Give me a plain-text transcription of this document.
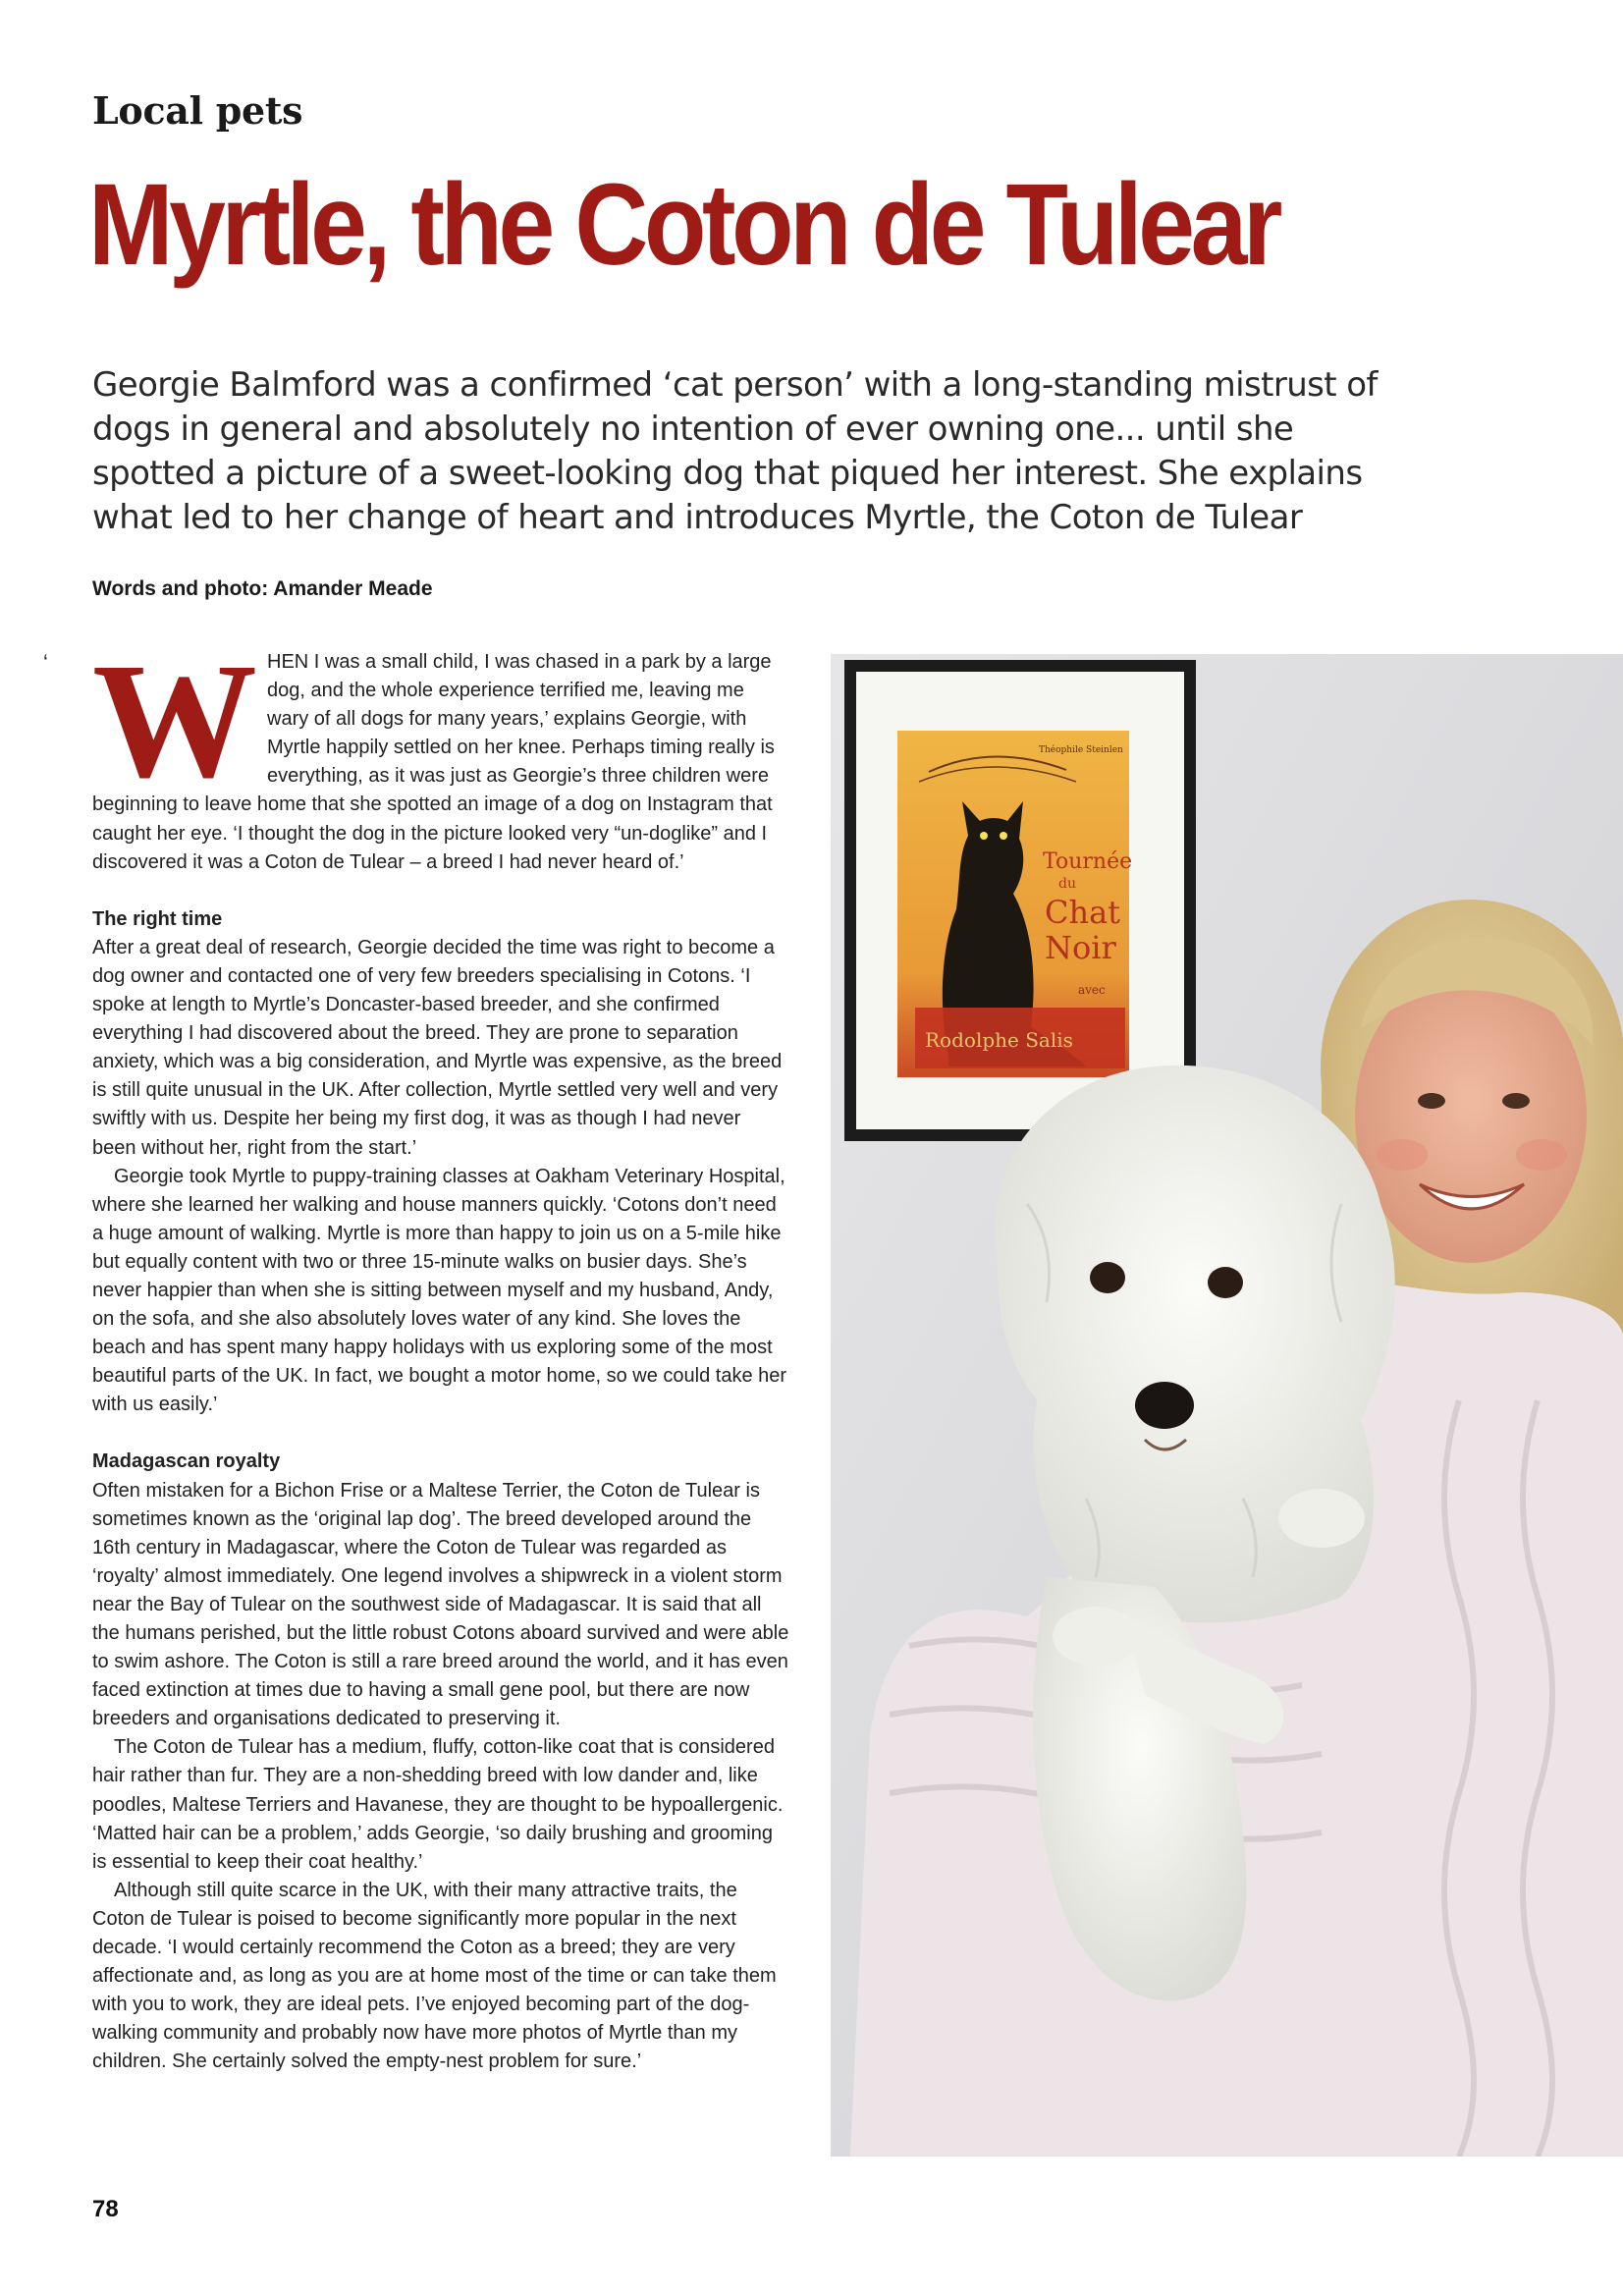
Local pets
Myrtle, the Coton de Tulear

Georgie Balmford was a confirmed ‘cat person’ with a long-standing mistrust of dogs in general and absolutely no intention of ever owning one... until she spotted a picture of a sweet-looking dog that piqued her interest. She explains what led to her change of heart and introduces Myrtle, the Coton de Tulear

Words and photo: Amander Meade

‘ W HEN I was a small child, I was chased in a park by a large dog, and the whole experience terrified me, leaving me wary of all dogs for many years,’ explains Georgie, with Myrtle happily settled on her knee. Perhaps timing really is everything, as it was just as Georgie’s three children were beginning to leave home that she spotted an image of a dog on Instagram that caught her eye. ‘I thought the dog in the picture looked very “un-doglike” and I discovered it was a Coton de Tulear – a breed I had never heard of.’

The right time

After a great deal of research, Georgie decided the time was right to become a dog owner and contacted one of very few breeders specialising in Cotons. ‘I spoke at length to Myrtle’s Doncaster-based breeder, and she confirmed everything I had discovered about the breed. They are prone to separation anxiety, which was a big consideration, and Myrtle was expensive, as the breed is still quite unusual in the UK. After collection, Myrtle settled very well and very swiftly with us. Despite her being my first dog, it was as though I had never been without her, right from the start.’

Georgie took Myrtle to puppy-training classes at Oakham Veterinary Hospital, where she learned her walking and house manners quickly. ‘Cotons don’t need a huge amount of walking. Myrtle is more than happy to join us on a 5-mile hike but equally content with two or three 15-minute walks on busier days. She’s never happier than when she is sitting between myself and my husband, Andy, on the sofa, and she also absolutely loves water of any kind. She loves the beach and has spent many happy holidays with us exploring some of the most beautiful parts of the UK. In fact, we bought a motor home, so we could take her with us easily.’

Madagascan royalty

Often mistaken for a Bichon Frise or a Maltese Terrier, the Coton de Tulear is sometimes known as the ‘original lap dog’. The breed developed around the 16th century in Madagascar, where the Coton de Tulear was regarded as ‘royalty’ almost immediately. One legend involves a shipwreck in a violent storm near the Bay of Tulear on the southwest side of Madagascar. It is said that all the humans perished, but the little robust Cotons aboard survived and were able to swim ashore. The Coton is still a rare breed around the world, and it has even faced extinction at times due to having a small gene pool, but there are now breeders and organisations dedicated to preserving it.

The Coton de Tulear has a medium, fluffy, cotton-like coat that is considered hair rather than fur. They are a non-shedding breed with low dander and, like poodles, Maltese Terriers and Havanese, they are thought to be hypoallergenic. ‘Matted hair can be a problem,’ adds Georgie, ‘so daily brushing and grooming is essential to keep their coat healthy.’

Although still quite scarce in the UK, with their many attractive traits, the Coton de Tulear is poised to become significantly more popular in the next decade. ‘I would certainly recommend the Coton as a breed; they are very affectionate and, as long as you are at home most of the time or can take them with you to work, they are ideal pets. I’ve enjoyed becoming part of the dog-walking community and probably now have more photos of Myrtle than my children. She certainly solved the empty-nest problem for sure.’

Théophile Steinlen
Tournée
du
Chat
Noir
avec
Rodolphe Salis

78
